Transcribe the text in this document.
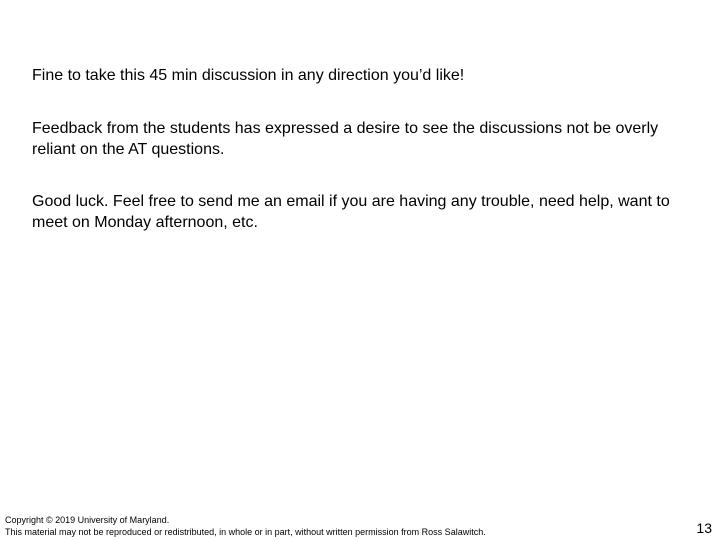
Fine to take this 45 min discussion in any direction you’d like!

Feedback from the students has expressed a desire to see the discussions not be overly reliant on the AT questions.

Good luck. Feel free to send me an email if you are having any trouble, need help, want to meet on Monday afternoon, etc.

Copyright © 2019 University of Maryland.
This material may not be reproduced or redistributed, in whole or in part, without written permission from Ross Salawitch.	13
